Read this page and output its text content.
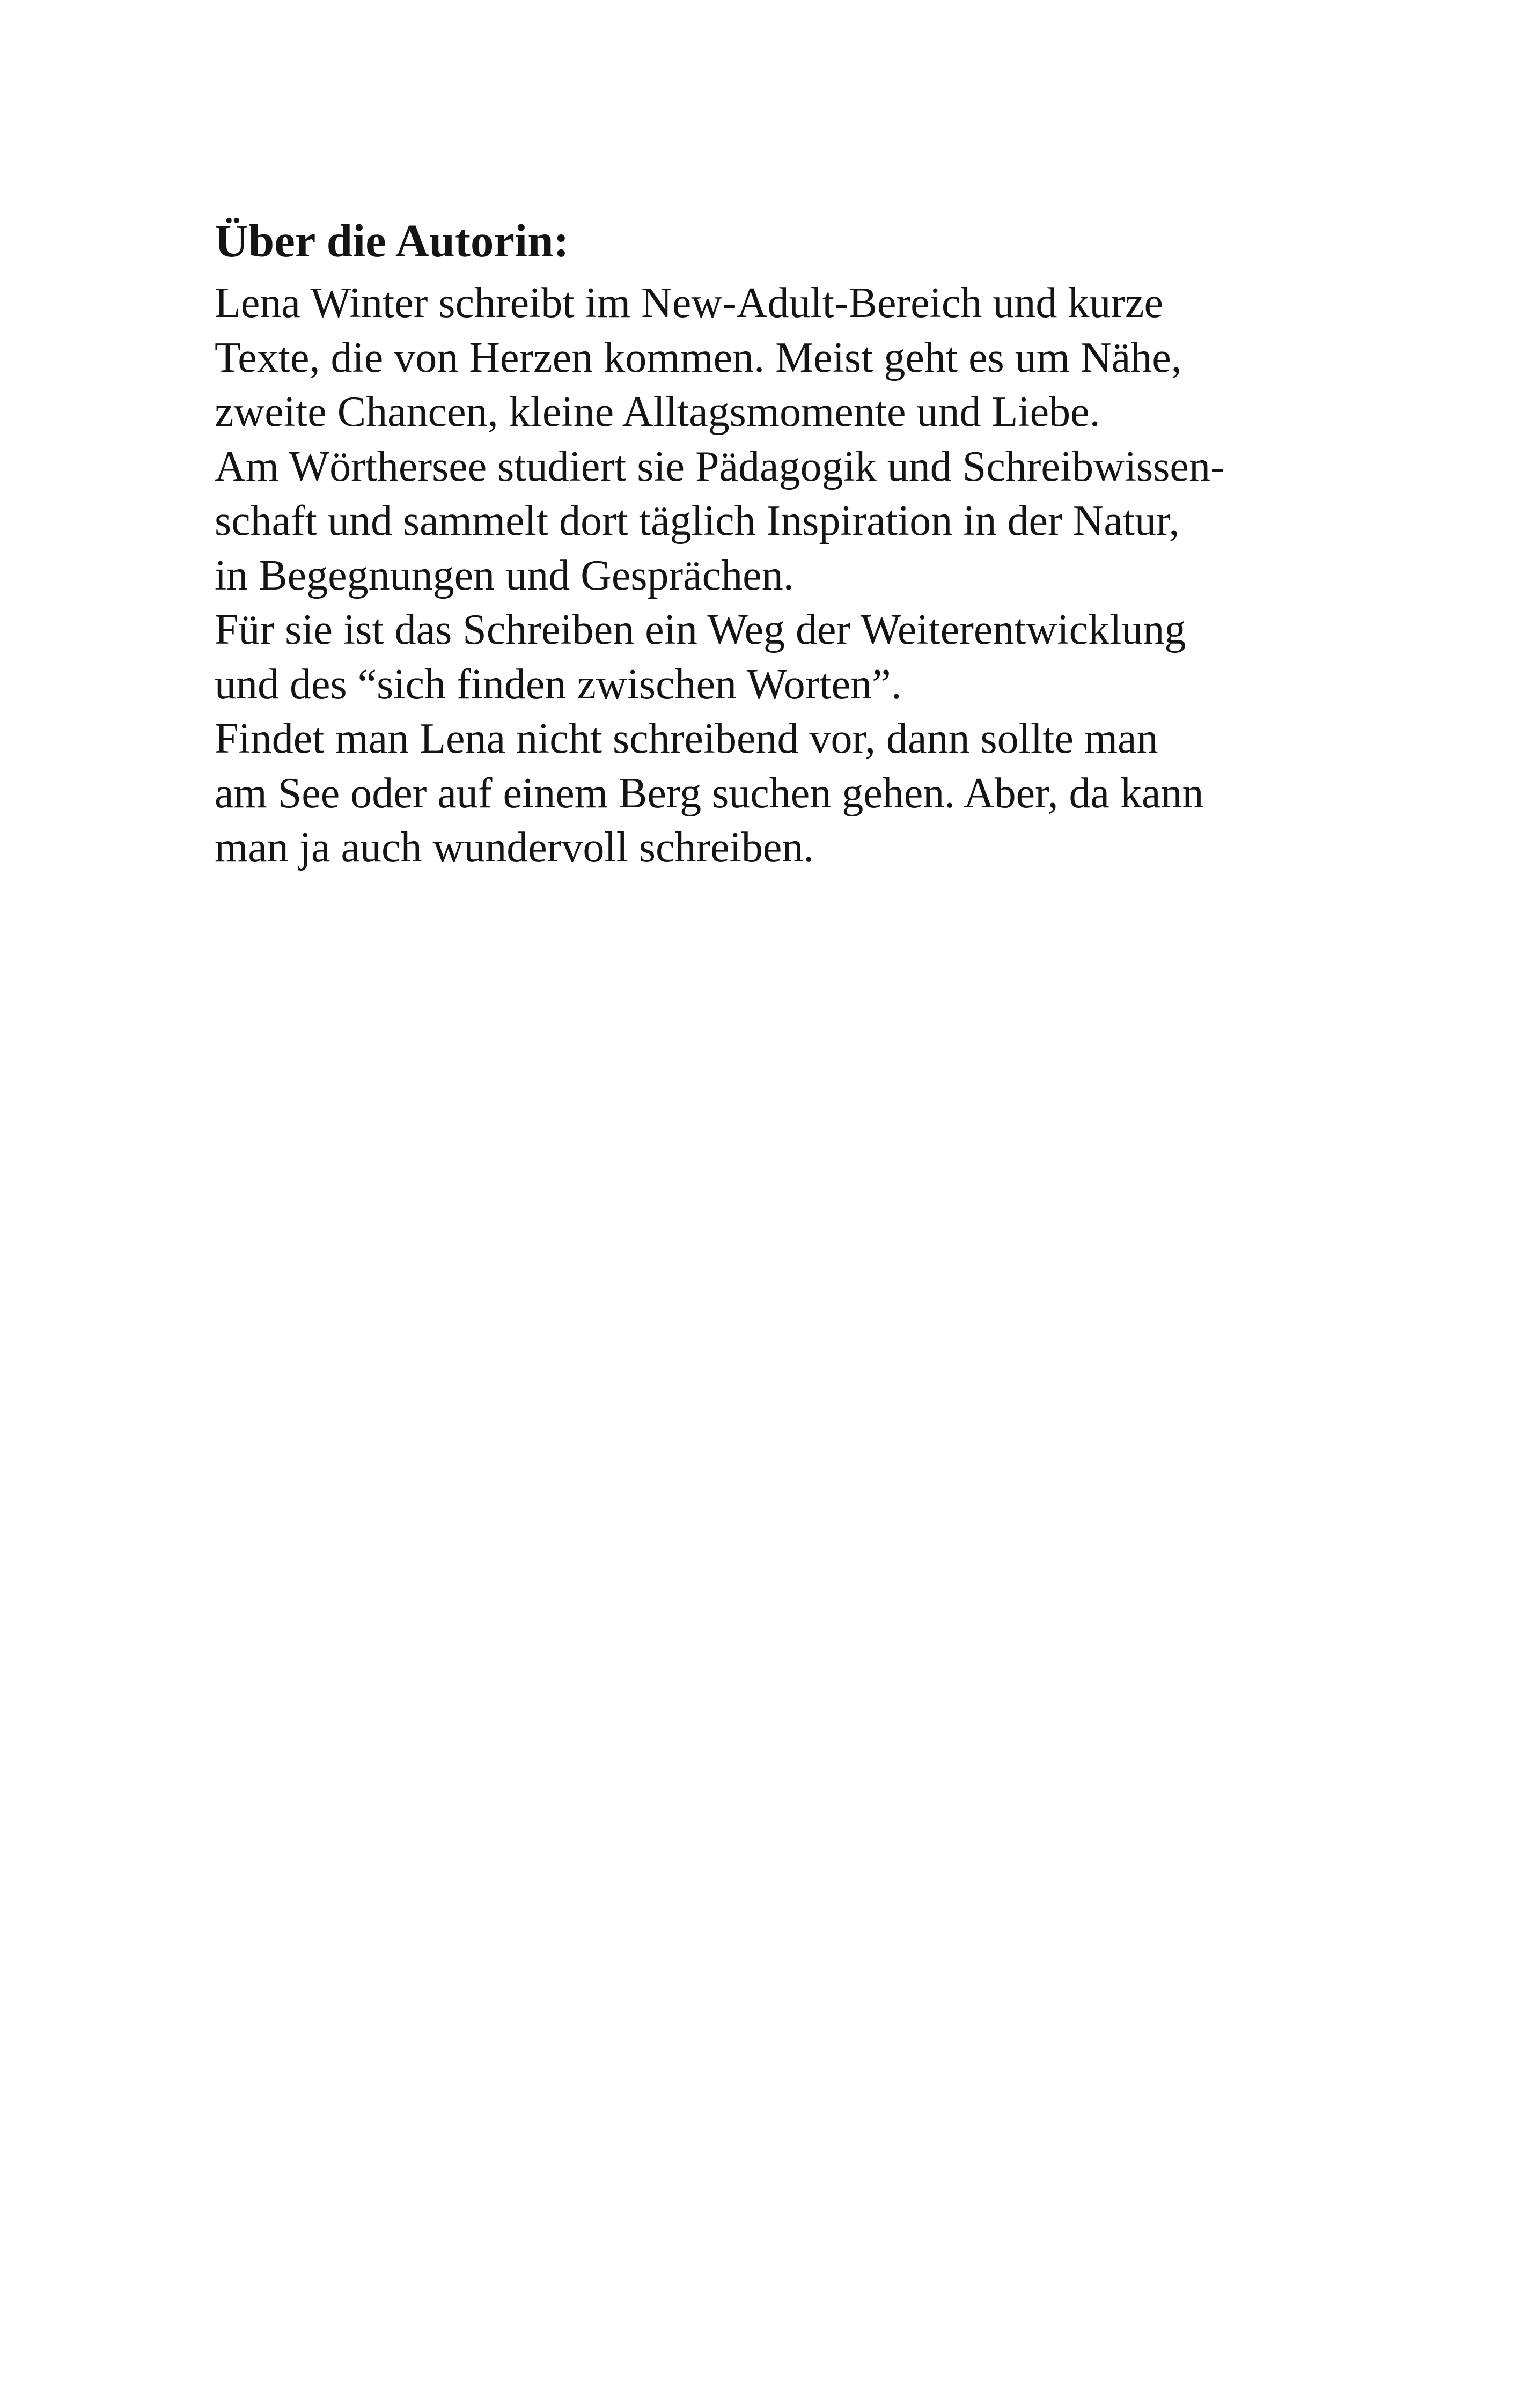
Über die Autorin:
Lena Winter schreibt im New-Adult-Bereich und kurze
Texte, die von Herzen kommen. Meist geht es um Nähe,
zweite Chancen, kleine Alltagsmomente und Liebe.
Am Wörthersee studiert sie Pädagogik und Schreibwissen-
schaft und sammelt dort täglich Inspiration in der Natur,
in Begegnungen und Gesprächen.
Für sie ist das Schreiben ein Weg der Weiterentwicklung
und des “sich finden zwischen Worten”.
Findet man Lena nicht schreibend vor, dann sollte man
am See oder auf einem Berg suchen gehen. Aber, da kann
man ja auch wundervoll schreiben.
